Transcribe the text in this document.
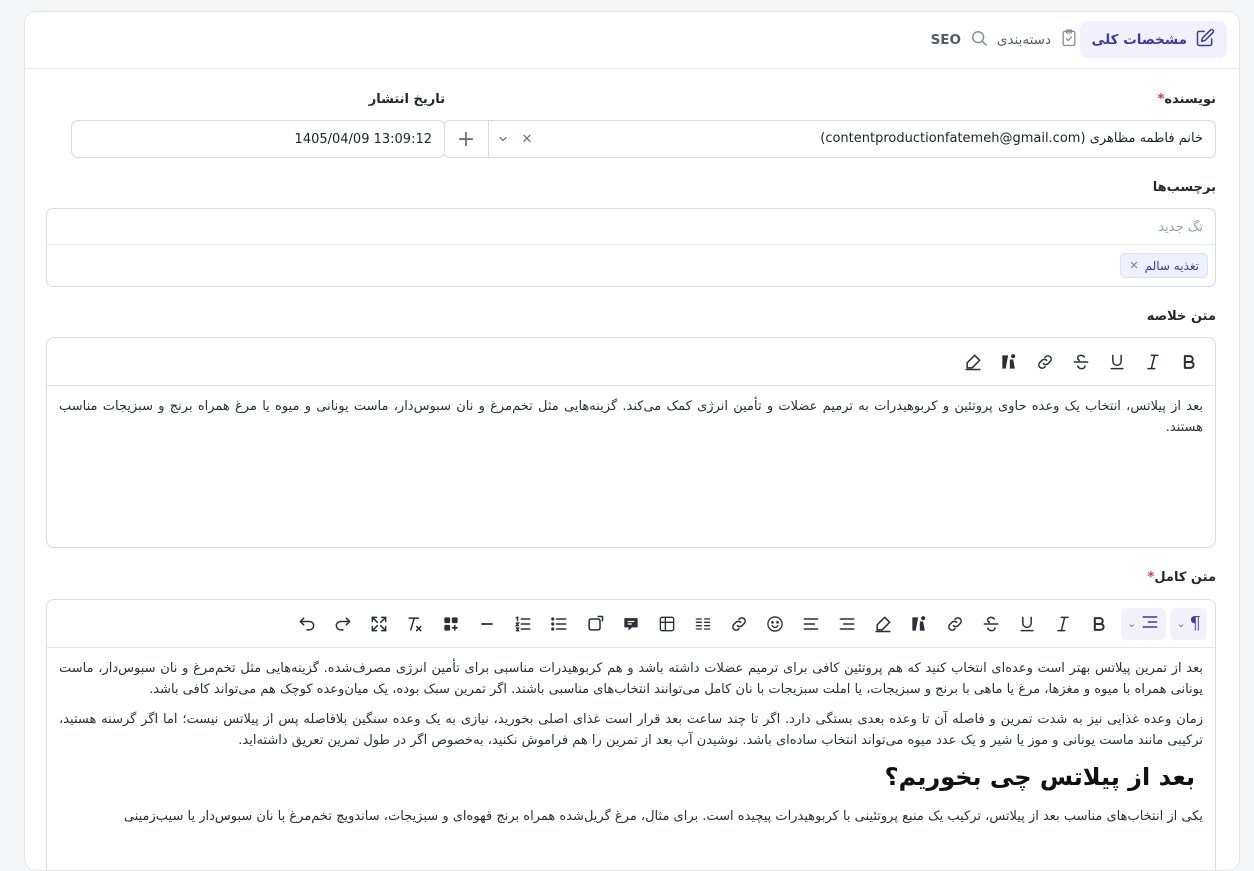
مشخصات کلی
دسته‌بندی
SEO
نویسنده*
خانم فاطمه مظاهری (contentproductionfatemeh@gmail.com)
+	✕
تاریخ انتشار
1405/04/09 13:09:12
برچسب‌ها
تگ جدید
تغذیه سالم
✕
متن خلاصه

بعد از پیلاتس، انتخاب یک وعده حاوی پروتئین و کربوهیدرات به ترمیم عضلات و تأمین انرژی کمک می‌کند. گزینه‌هایی مثل تخم‌مرغ و نان سبوس‌دار، ماست یونانی و میوه یا مرغ همراه برنج و سبزیجات مناسب هستند.

متن کامل*
¶
⌄
⌄

بعد از تمرین پیلاتس بهتر است وعده‌ای انتخاب کنید که هم پروتئین کافی برای ترمیم عضلات داشته باشد و هم کربوهیدرات مناسبی برای تأمین انرژی مصرف‌شده. گزینه‌هایی مثل تخم‌مرغ و نان سبوس‌دار، ماست یونانی همراه با میوه و مغزها، مرغ یا ماهی با برنج و سبزیجات، یا املت سبزیجات با نان کامل می‌توانند انتخاب‌های مناسبی باشند. اگر تمرین سبک بوده، یک میان‌وعده کوچک هم می‌تواند کافی باشد.

زمان وعده غذایی نیز به شدت تمرین و فاصله آن تا وعده بعدی بستگی دارد. اگر تا چند ساعت بعد قرار است غذای اصلی بخورید، نیازی به یک وعده سنگین بلافاصله پس از پیلاتس نیست؛ اما اگر گرسنه هستید، ترکیبی مانند ماست یونانی و موز یا شیر و یک عدد میوه می‌تواند انتخاب ساده‌ای باشد. نوشیدن آب بعد از تمرین را هم فراموش نکنید، به‌خصوص اگر در طول تمرین تعریق داشته‌اید.

بعد از پیلاتس چی بخوریم؟

یکی از انتخاب‌های مناسب بعد از پیلاتس، ترکیب یک منبع پروتئینی با کربوهیدرات پیچیده است. برای مثال، مرغ گریل‌شده همراه برنج قهوه‌ای و سبزیجات، ساندویچ تخم‌مرغ با نان سبوس‌دار یا سیب‌زمینی
